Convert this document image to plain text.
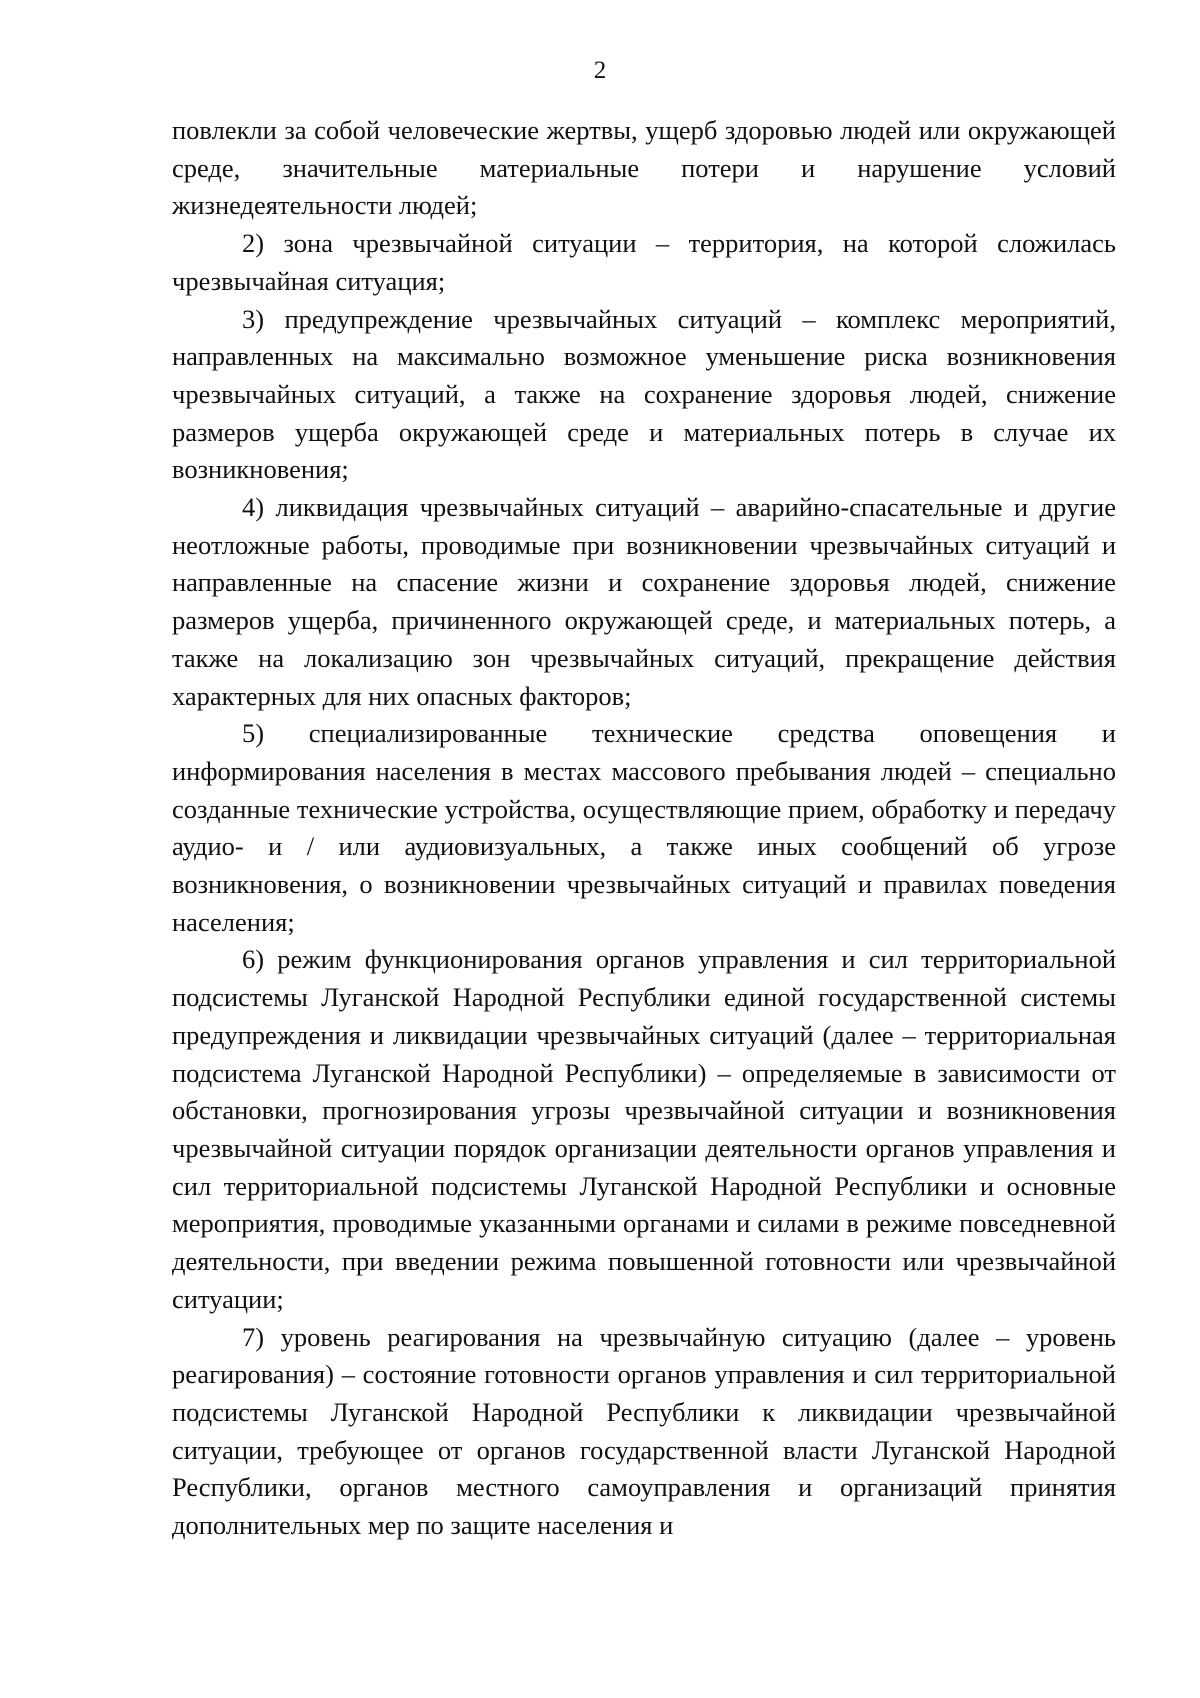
2

повлекли за собой человеческие жертвы, ущерб здоровью людей или окружающей среде, значительные материальные потери и нарушение условий жизнедеятельности людей;

2) зона чрезвычайной ситуации – территория, на которой сложилась чрезвычайная ситуация;

3) предупреждение чрезвычайных ситуаций – комплекс мероприятий, направленных на максимально возможное уменьшение риска возникновения чрезвычайных ситуаций, а также на сохранение здоровья людей, снижение размеров ущерба окружающей среде и материальных потерь в случае их возникновения;

4) ликвидация чрезвычайных ситуаций – аварийно-спасательные и другие неотложные работы, проводимые при возникновении чрезвычайных ситуаций и направленные на спасение жизни и сохранение здоровья людей, снижение размеров ущерба, причиненного окружающей среде, и материальных потерь, а также на локализацию зон чрезвычайных ситуаций, прекращение действия характерных для них опасных факторов;

5) специализированные технические средства оповещения и информирования населения в местах массового пребывания людей – специально созданные технические устройства, осуществляющие прием, обработку и передачу аудио- и / или аудиовизуальных, а также иных сообщений об угрозе возникновения, о возникновении чрезвычайных ситуаций и правилах поведения населения;

6) режим функционирования органов управления и сил территориальной подсистемы Луганской Народной Республики единой государственной системы предупреждения и ликвидации чрезвычайных ситуаций (далее – территориальная подсистема Луганской Народной Республики) – определяемые в зависимости от обстановки, прогнозирования угрозы чрезвычайной ситуации и возникновения чрезвычайной ситуации порядок организации деятельности органов управления и сил территориальной подсистемы Луганской Народной Республики и основные мероприятия, проводимые указанными органами и силами в режиме повседневной деятельности, при введении режима повышенной готовности или чрезвычайной ситуации;

7) уровень реагирования на чрезвычайную ситуацию (далее – уровень реагирования) – состояние готовности органов управления и сил территориальной подсистемы Луганской Народной Республики к ликвидации чрезвычайной ситуации, требующее от органов государственной власти Луганской Народной Республики, органов местного самоуправления и организаций принятия дополнительных мер по защите населения и
